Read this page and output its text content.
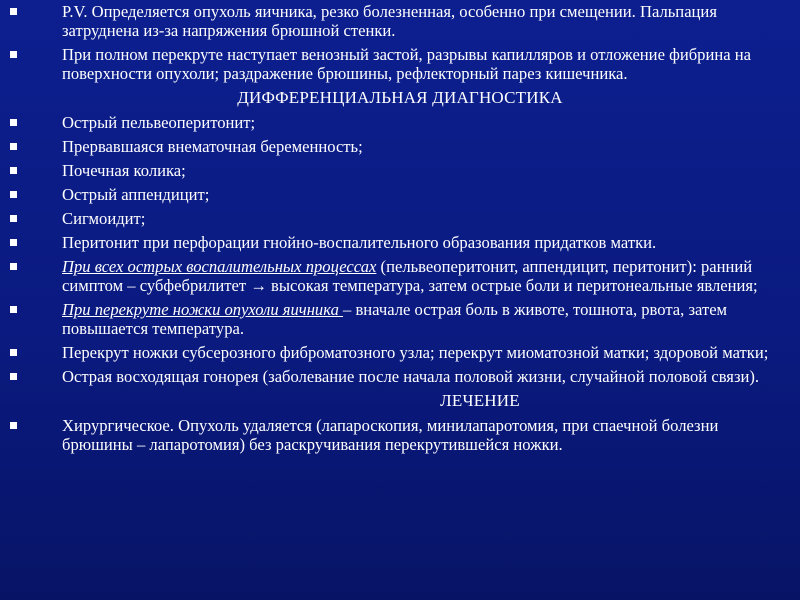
P.V. Определяется опухоль яичника, резко болезненная, особенно при смещении. Пальпация затруднена из-за напряжения брюшной стенки.
При полном перекруте наступает венозный застой, разрывы капилляров и отложение фибрина на поверхности опухоли; раздражение брюшины, рефлекторный парез кишечника.
ДИФФЕРЕНЦИАЛЬНАЯ ДИАГНОСТИКА
Острый пельвеоперитонит;
Прервавшаяся внематочная беременность;
Почечная колика;
Острый аппендицит;
Сигмоидит;
Перитонит при перфорации гнойно-воспалительного образования придатков матки.
При всех острых воспалительных процессах (пельвеоперитонит, аппендицит, перитонит): ранний симптом – субфебрилитет → высокая температура, затем острые боли и перитонеальные явления;
При перекруте ножки опухоли яичника – вначале острая боль в животе, тошнота, рвота, затем повышается температура.
Перекрут ножки субсерозного фиброматозного узла; перекрут миоматозной матки; здоровой матки;
Острая восходящая гонорея (заболевание после начала половой жизни, случайной половой связи).
ЛЕЧЕНИЕ
Хирургическое. Опухоль удаляется (лапароскопия, минилапаротомия, при спаечной болезни брюшины – лапаротомия) без раскручивания перекрутившейся ножки.
